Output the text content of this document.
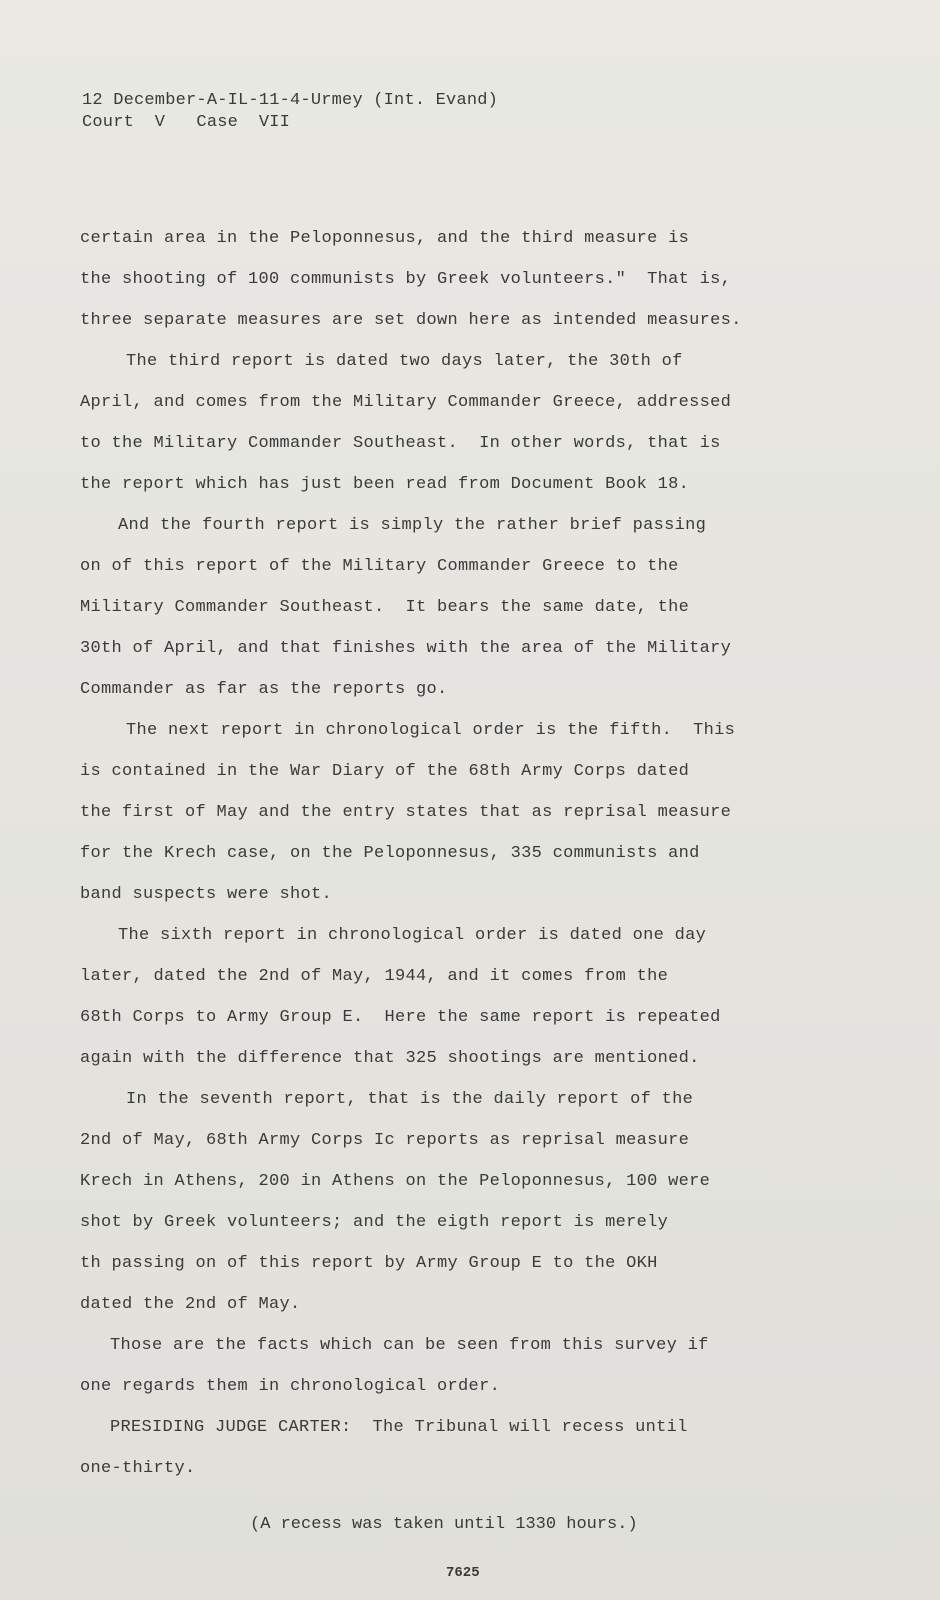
12 December-A-IL-11-4-Urmey (Int. Evand)
Court  V   Case  VII

certain area in the Peloponnesus, and the third measure is
the shooting of 100 communists by Greek volunteers."  That is,
three separate measures are set down here as intended measures.

The third report is dated two days later, the 30th of
April, and comes from the Military Commander Greece, addressed
to the Military Commander Southeast.  In other words, that is
the report which has just been read from Document Book 18.

And the fourth report is simply the rather brief passing
on of this report of the Military Commander Greece to the
Military Commander Southeast.  It bears the same date, the
30th of April, and that finishes with the area of the Military
Commander as far as the reports go.

The next report in chronological order is the fifth.  This
is contained in the War Diary of the 68th Army Corps dated
the first of May and the entry states that as reprisal measure
for the Krech case, on the Peloponnesus, 335 communists and
band suspects were shot.

The sixth report in chronological order is dated one day
later, dated the 2nd of May, 1944, and it comes from the
68th Corps to Army Group E.  Here the same report is repeated
again with the difference that 325 shootings are mentioned.

In the seventh report, that is the daily report of the
2nd of May, 68th Army Corps Ic reports as reprisal measure
Krech in Athens, 200 in Athens on the Peloponnesus, 100 were
shot by Greek volunteers; and the eigth report is merely
th passing on of this report by Army Group E to the OKH
dated the 2nd of May.

Those are the facts which can be seen from this survey if
one regards them in chronological order.

PRESIDING JUDGE CARTER:  The Tribunal will recess until
one-thirty.

(A recess was taken until 1330 hours.)
7625
